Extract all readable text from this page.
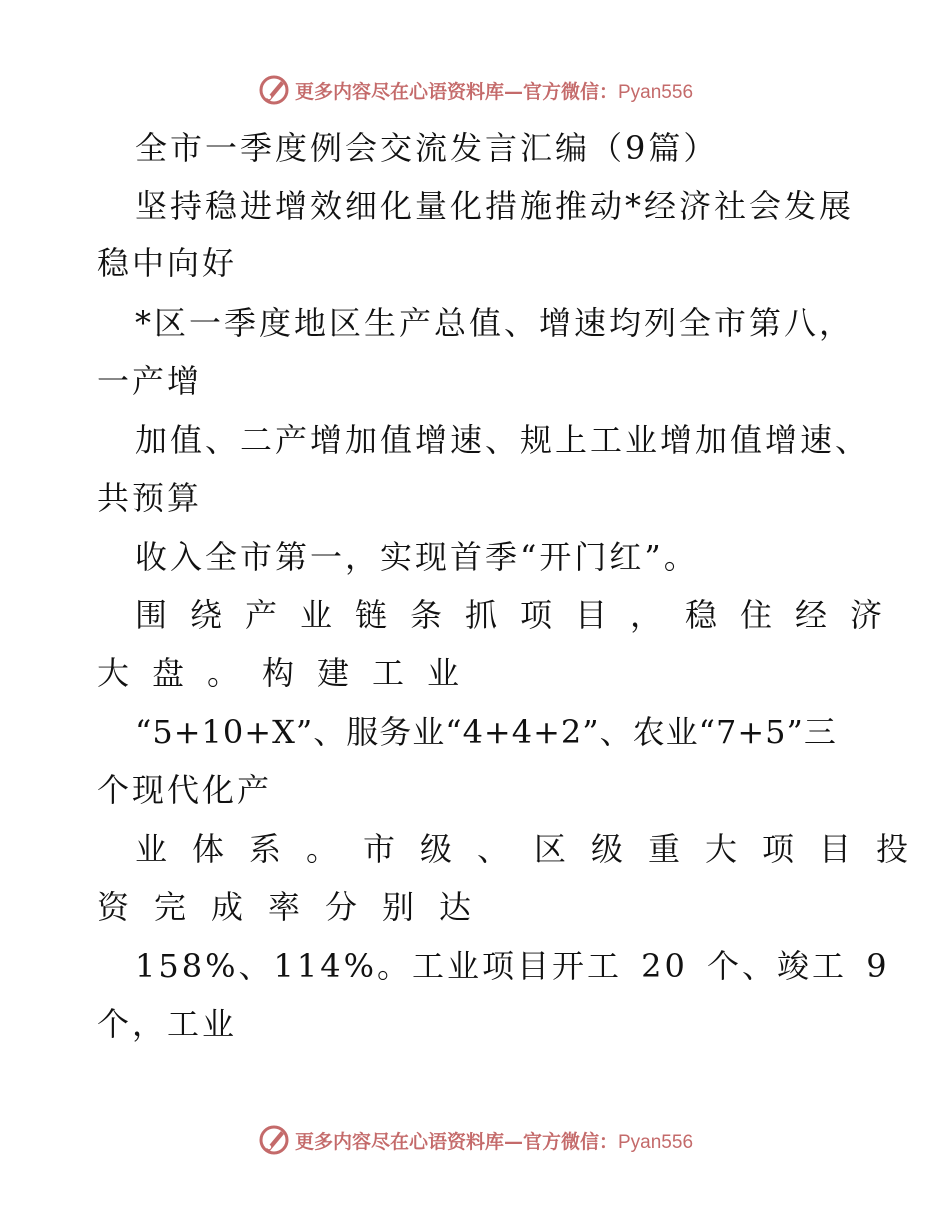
更多内容尽在心语资料库—官方微信：Pyan556
全市一季度例会交流发言汇编（9篇）
坚持稳进增效细化量化措施推动*经济社会发展
稳中向好
*区一季度地区生产总值、增速均列全市第八，
一产增
加值、二产增加值增速、规上工业增加值增速、
共预算
收入全市第一，实现首季“开门红”。
围绕产业链条抓项目，稳住经济
大盘。构建工业
“5+10+X”、服务业“4+4+2”、农业“7+5”三
个现代化产
业体系。市级、区级重大项目投
资完成率分别达
158%、114%。工业项目开工 20 个、竣工 9
个，工业
更多内容尽在心语资料库—官方微信：Pyan556
